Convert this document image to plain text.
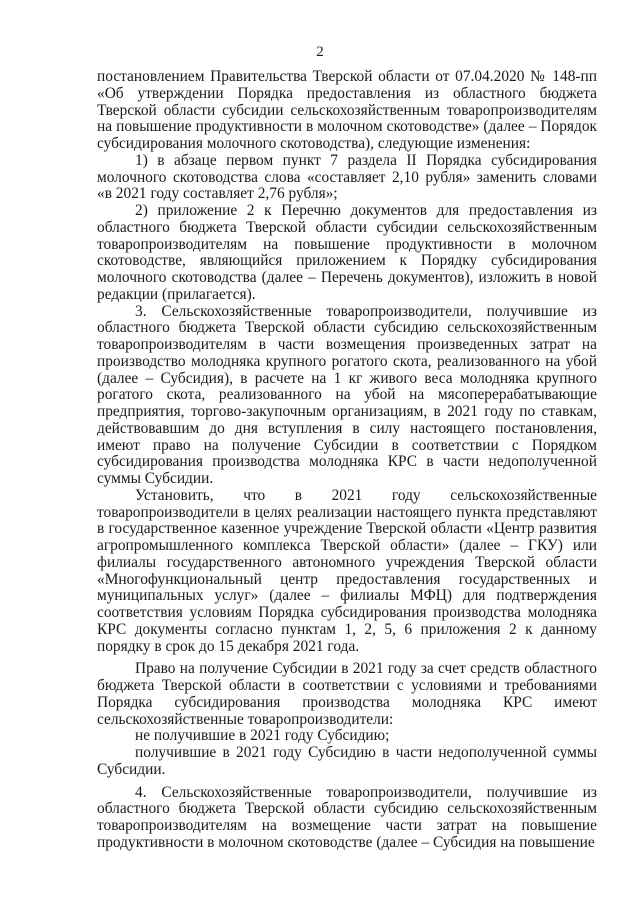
2

постановлением Правительства Тверской области от 07.04.2020 № 148-пп «Об утверждении Порядка предоставления из областного бюджета Тверской области субсидии сельскохозяйственным товаропроизводителям на повышение продуктивности в молочном скотоводстве» (далее – Порядок субсидирования молочного скотоводства), следующие изменения:

1) в абзаце первом пункт 7 раздела II Порядка субсидирования молочного скотоводства слова «составляет 2,10 рубля» заменить словами «в 2021 году составляет 2,76 рубля»;

2) приложение 2 к Перечню документов для предоставления из областного бюджета Тверской области субсидии сельскохозяйственным товаропроизводителям на повышение продуктивности в молочном скотоводстве, являющийся приложением к Порядку субсидирования молочного скотоводства (далее – Перечень документов), изложить в новой редакции (прилагается).

3. Сельскохозяйственные товаропроизводители, получившие из областного бюджета Тверской области субсидию сельскохозяйственным товаропроизводителям в части возмещения произведенных затрат на производство молодняка крупного рогатого скота, реализованного на убой (далее – Субсидия), в расчете на 1 кг живого веса молодняка крупного рогатого скота, реализованного на убой на мясоперерабатывающие предприятия, торгово-закупочным организациям, в 2021 году по ставкам, действовавшим до дня вступления в силу настоящего постановления, имеют право на получение Субсидии в соответствии с Порядком субсидирования производства молодняка КРС в части недополученной суммы Субсидии.

Установить, что в 2021 году сельскохозяйственные товаропроизводители в целях реализации настоящего пункта представляют в государственное казенное учреждение Тверской области «Центр развития агропромышленного комплекса Тверской области» (далее – ГКУ) или филиалы государственного автономного учреждения Тверской области «Многофункциональный центр предоставления государственных и муниципальных услуг» (далее – филиалы МФЦ) для подтверждения соответствия условиям Порядка субсидирования производства молодняка КРС документы согласно пунктам 1, 2, 5, 6 приложения 2 к данному порядку в срок до 15 декабря 2021 года.

Право на получение Субсидии в 2021 году за счет средств областного бюджета Тверской области в соответствии с условиями и требованиями Порядка субсидирования производства молодняка КРС имеют сельскохозяйственные товаропроизводители:

не получившие в 2021 году Субсидию;

получившие в 2021 году Субсидию в части недополученной суммы Субсидии.

4. Сельскохозяйственные товаропроизводители, получившие из областного бюджета Тверской области субсидию сельскохозяйственным товаропроизводителям на возмещение части затрат на повышение продуктивности в молочном скотоводстве (далее – Субсидия на повышение
